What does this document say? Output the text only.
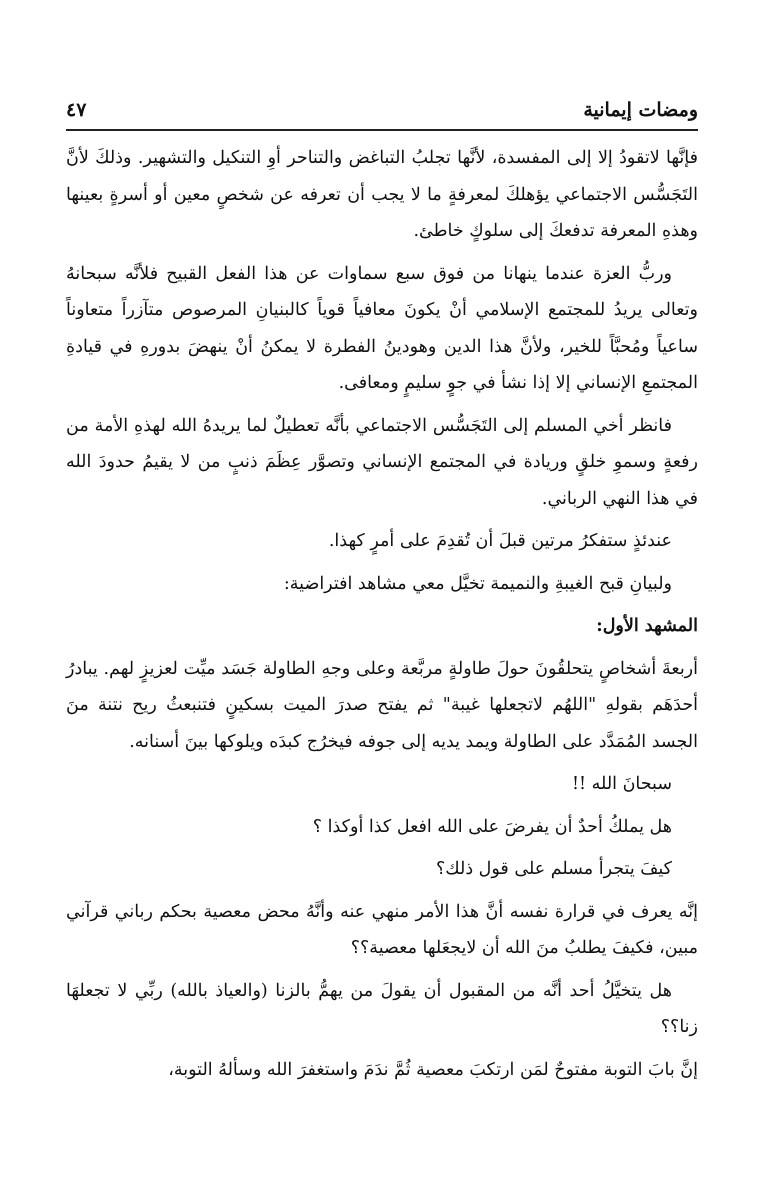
ومضات إيمانية
٤٧

فإنَّها لاتقودُ إلا إلى المفسدة، لأنَّها تجلبُ التباغض والتناحر أوِ التنكيل والتشهير. وذلكَ لأنَّ التَجَسُّس الاجتماعي يؤهلكَ لمعرفةٍ ما لا يجب أن تعرفه عن شخصٍ معين أو أسرةٍ بعينها وهذهِ المعرفة تدفعكَ إلى سلوكٍ خاطئ.

وربُّ العزة عندما ينهانا من فوق سبع سماوات عن هذا الفعل القبيح فلأنَّه سبحانهُ وتعالى يريدُ للمجتمع الإسلامي أنْ يكونَ معافياً قوياً كالبنيانِ المرصوص متآزراً متعاوناً ساعياً ومُحبَّاً للخير، ولأنَّ هذا الدين وهودينُ الفطرة لا يمكنُ أنْ ينهضَ بدورهِ في قيادةِ المجتمعِ الإنساني إلا إذا نشأ في جوٍ سليمٍ ومعافى.

فانظر أخي المسلم إلى التَجَسُّس الاجتماعي بأنَّه تعطيلٌ لما يريدهُ الله لهذهِ الأمة من رفعةٍ وسموِ خلقٍ وريادة في المجتمع الإنساني وتصوَّر عِظَمَ ذنبٍ من لا يقيمُ حدودَ الله في هذا النهي الرباني.

عندئذٍ ستفكرُ مرتين قبلَ أن تُقدِمَ على أمرٍ كهذا.

ولبيانِ قبح الغيبةِ والنميمة تخيَّل معي مشاهد افتراضية:

المشهد الأول:

أربعةَ أشخاصٍ يتحلقُونَ حولَ طاولةٍ مربَّعة وعلى وجهِ الطاولة جَسَد ميِّت لعزيزٍ لهم. يبادرُ أحدَهَم بقولهِ "اللهُم لاتجعلها غيبة" ثم يفتح صدرَ الميت بسكينٍ فتنبعثُ ريح نتنة منَ الجسد المُمَدَّد على الطاولة ويمد يديه إلى جوفه فيخرُج كبدَه ويلوكها بينَ أسنانه.

سبحانَ الله !!

هل يملكُ أحدٌ أن يفرضَ على الله افعل كذا أوكذا ؟

كيفَ يتجرأ مسلم على قول ذلك؟

إنَّه يعرف في قرارة نفسه أنَّ هذا الأمر منهي عنه وأنَّهُ محض معصية بحكم رباني قرآني مبين، فكيفَ يطلبُ منَ الله أن لايجعَلها معصية؟؟

هل يتخيَّلُ أحد أنَّه من المقبول أن يقولَ من يهمُّ بالزنا (والعياذ بالله) ربِّي لا تجعلهَا زنا؟؟

إنَّ بابَ التوبة مفتوحٌ لمَن ارتكبَ معصية ثُمَّ ندَمَ واستغفرَ الله وسألهُ التوبة،
